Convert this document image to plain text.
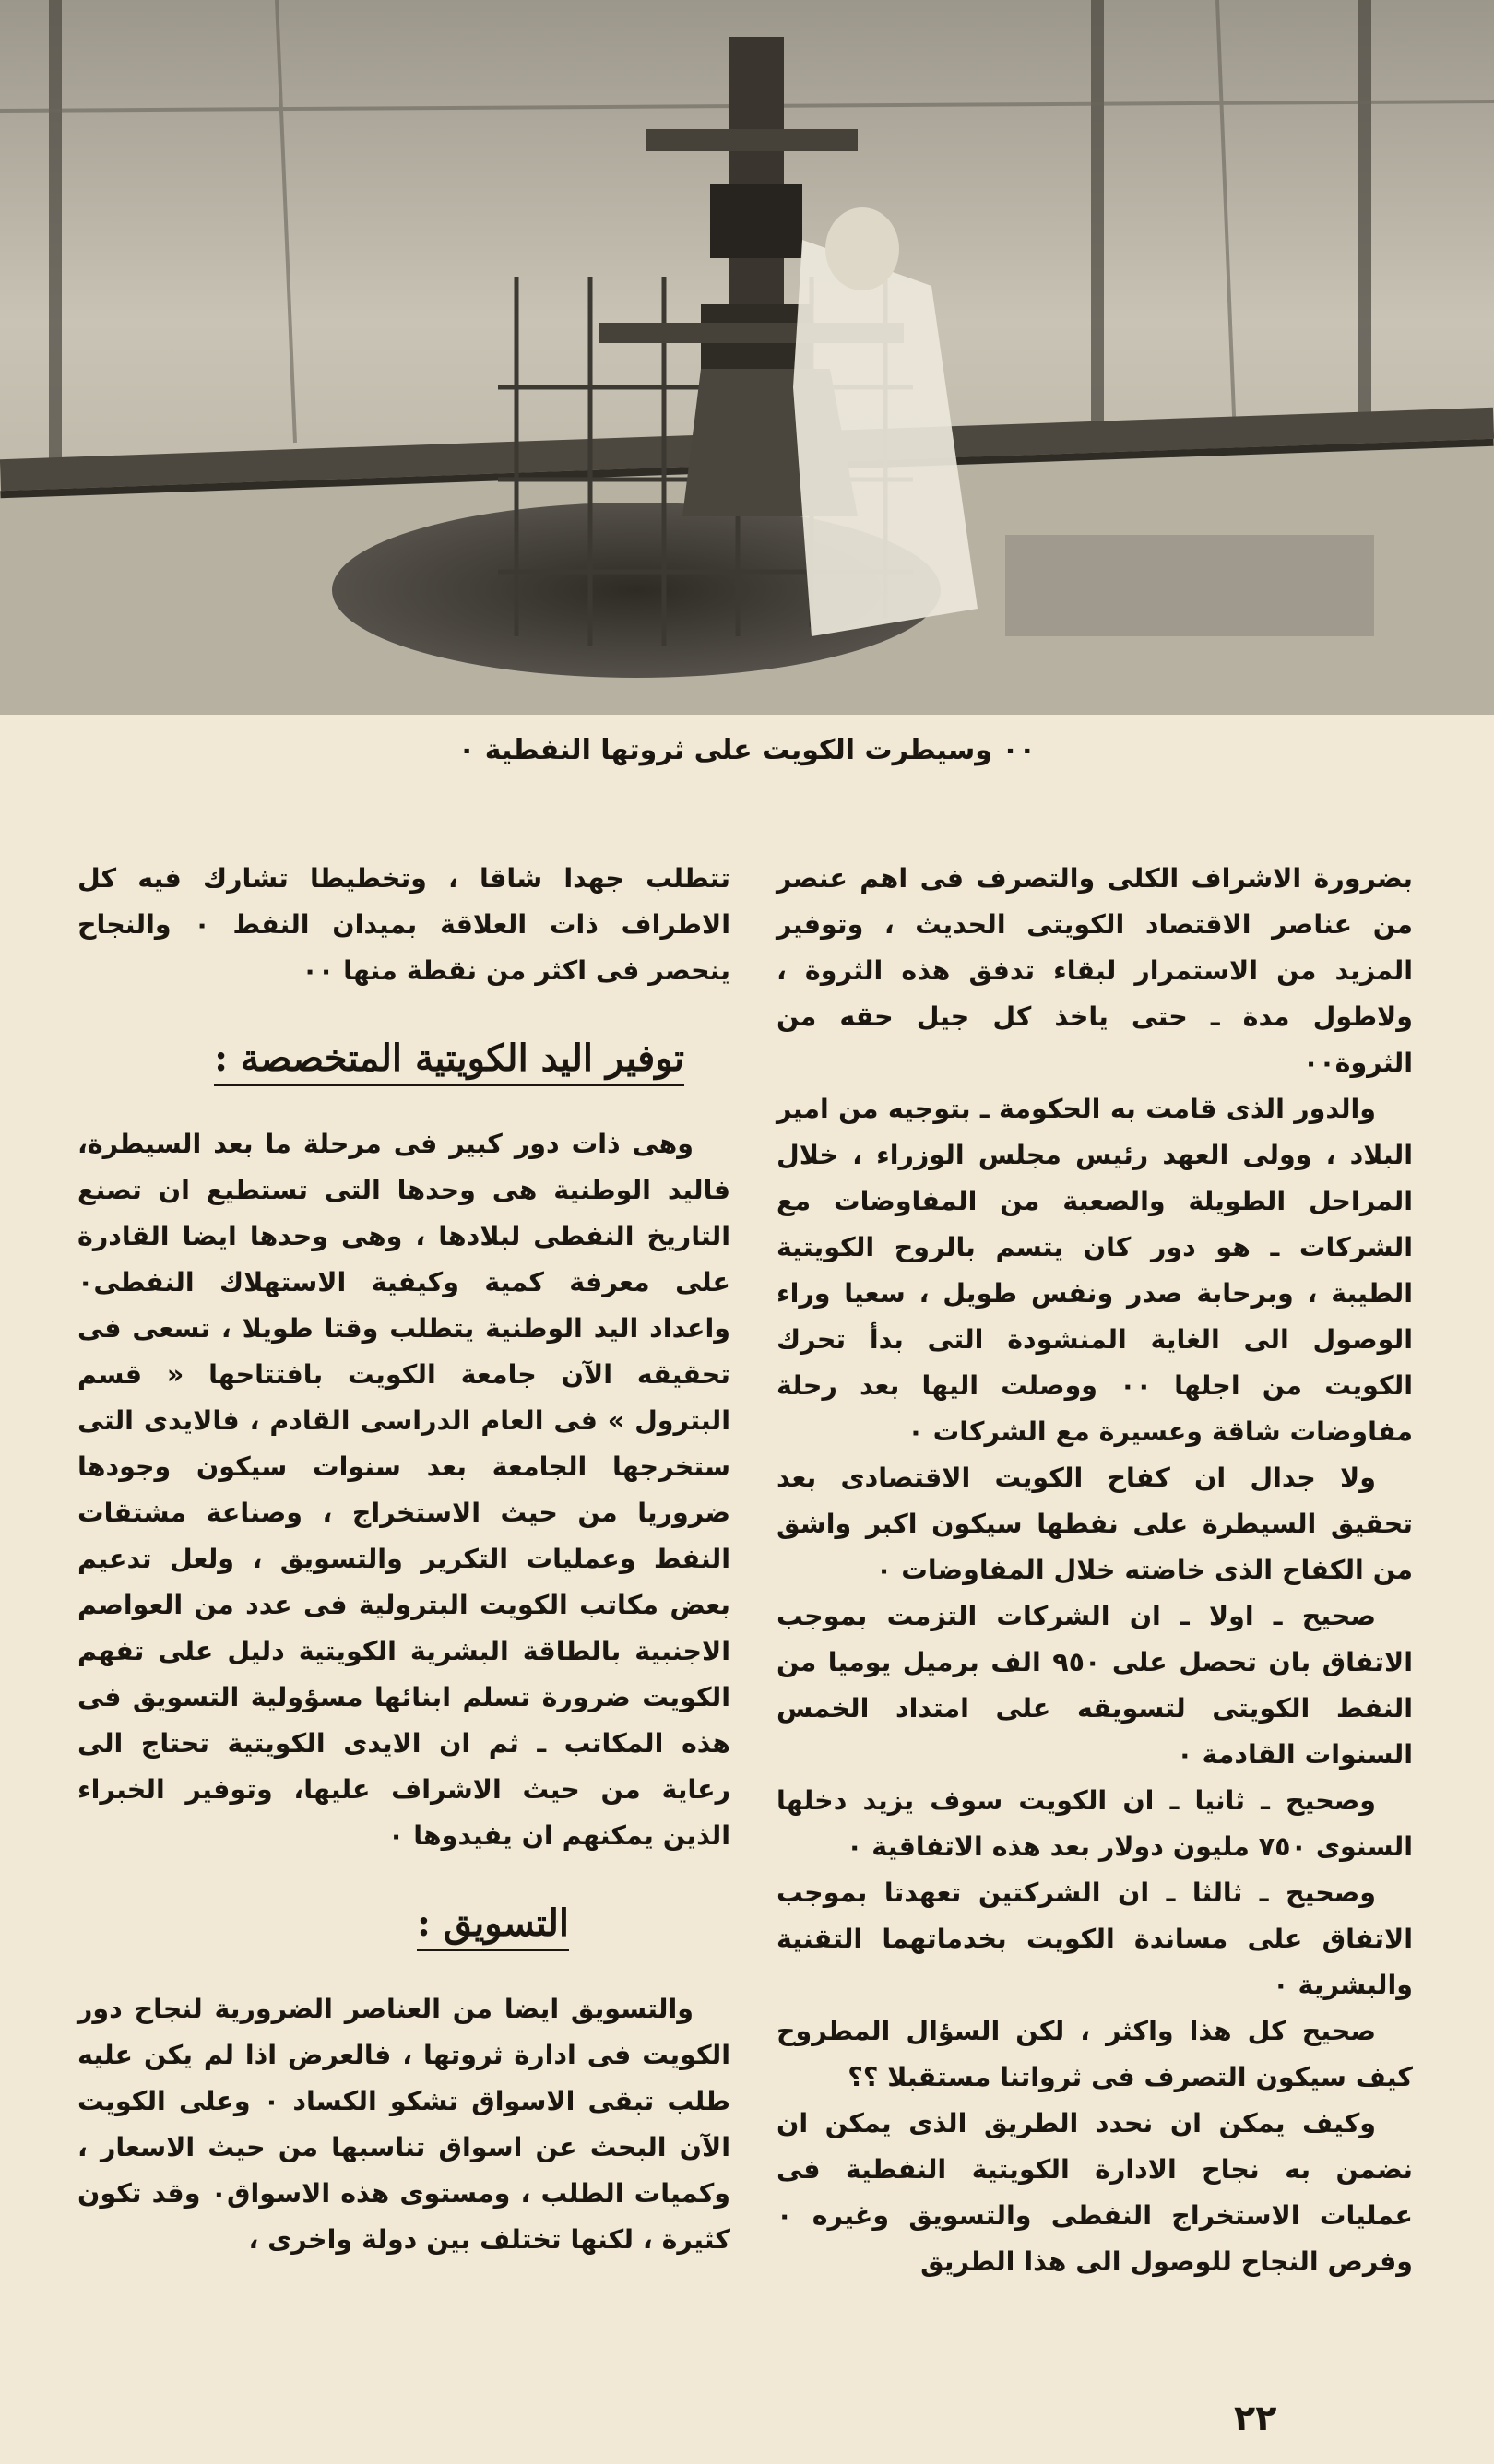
٠٠ وسيطرت الكويت على ثروتها النفطية ٠

بضرورة الاشراف الكلى والتصرف فى اهم عنصر من عناصر الاقتصاد الكويتى الحديث ، وتوفير المزيد من الاستمرار لبقاء تدفق هذه الثروة ، ولاطول مدة ـ حتى ياخذ كل جيل حقه من الثروة٠٠

والدور الذى قامت به الحكومة ـ بتوجيه من امير البلاد ، وولى العهد رئيس مجلس الوزراء ، خلال المراحل الطويلة والصعبة من المفاوضات مع الشركات ـ هو دور كان يتسم بالروح الكويتية الطيبة ، وبرحابة صدر ونفس طويل ، سعيا وراء الوصول الى الغاية المنشودة التى بدأ تحرك الكويت من اجلها ٠٠ ووصلت اليها بعد رحلة مفاوضات شاقة وعسيرة مع الشركات ٠

ولا جدال ان كفاح الكويت الاقتصادى بعد تحقيق السيطرة على نفطها سيكون اكبر واشق من الكفاح الذى خاضته خلال المفاوضات ٠

صحيح ـ اولا ـ ان الشركات التزمت بموجب الاتفاق بان تحصل على ٩٥٠ الف برميل يوميا من النفط الكويتى لتسويقه على امتداد الخمس السنوات القادمة ٠

وصحيح ـ ثانيا ـ ان الكويت سوف يزيد دخلها السنوى ٧٥٠ مليون دولار بعد هذه الاتفاقية ٠

وصحيح ـ ثالثا ـ ان الشركتين تعهدتا بموجب الاتفاق على مساندة الكويت بخدماتهما التقنية والبشرية ٠

صحيح كل هذا واكثر ، لكن السؤال المطروح كيف سيكون التصرف فى ثرواتنا مستقبلا ؟؟

وكيف يمكن ان نحدد الطريق الذى يمكن ان نضمن به نجاح الادارة الكويتية النفطية فى عمليات الاستخراج النفطى والتسويق وغيره ٠ وفرص النجاح للوصول الى هذا الطريق

تتطلب جهدا شاقا ، وتخطيطا تشارك فيه كل الاطراف ذات العلاقة بميدان النفط ٠ والنجاح ينحصر فى اكثر من نقطة منها ٠٠

توفير اليد الكويتية المتخصصة :

وهى ذات دور كبير فى مرحلة ما بعد السيطرة، فاليد الوطنية هى وحدها التى تستطيع ان تصنع التاريخ النفطى لبلادها ، وهى وحدها ايضا القادرة على معرفة كمية وكيفية الاستهلاك النفطى٠ واعداد اليد الوطنية يتطلب وقتا طويلا ، تسعى فى تحقيقه الآن جامعة الكويت بافتتاحها « قسم البترول » فى العام الدراسى القادم ، فالايدى التى ستخرجها الجامعة بعد سنوات سيكون وجودها ضروريا من حيث الاستخراج ، وصناعة مشتقات النفط وعمليات التكرير والتسويق ، ولعل تدعيم بعض مكاتب الكويت البترولية فى عدد من العواصم الاجنبية بالطاقة البشرية الكويتية دليل على تفهم الكويت ضرورة تسلم ابنائها مسؤولية التسويق فى هذه المكاتب ـ ثم ان الايدى الكويتية تحتاج الى رعاية من حيث الاشراف عليها، وتوفير الخبراء الذين يمكنهم ان يفيدوها ٠

التسويق :

والتسويق ايضا من العناصر الضرورية لنجاح دور الكويت فى ادارة ثروتها ، فالعرض اذا لم يكن عليه طلب تبقى الاسواق تشكو الكساد ٠ وعلى الكويت الآن البحث عن اسواق تناسبها من حيث الاسعار ، وكميات الطلب ، ومستوى هذه الاسواق٠ وقد تكون كثيرة ، لكنها تختلف بين دولة واخرى ،

٢٢
